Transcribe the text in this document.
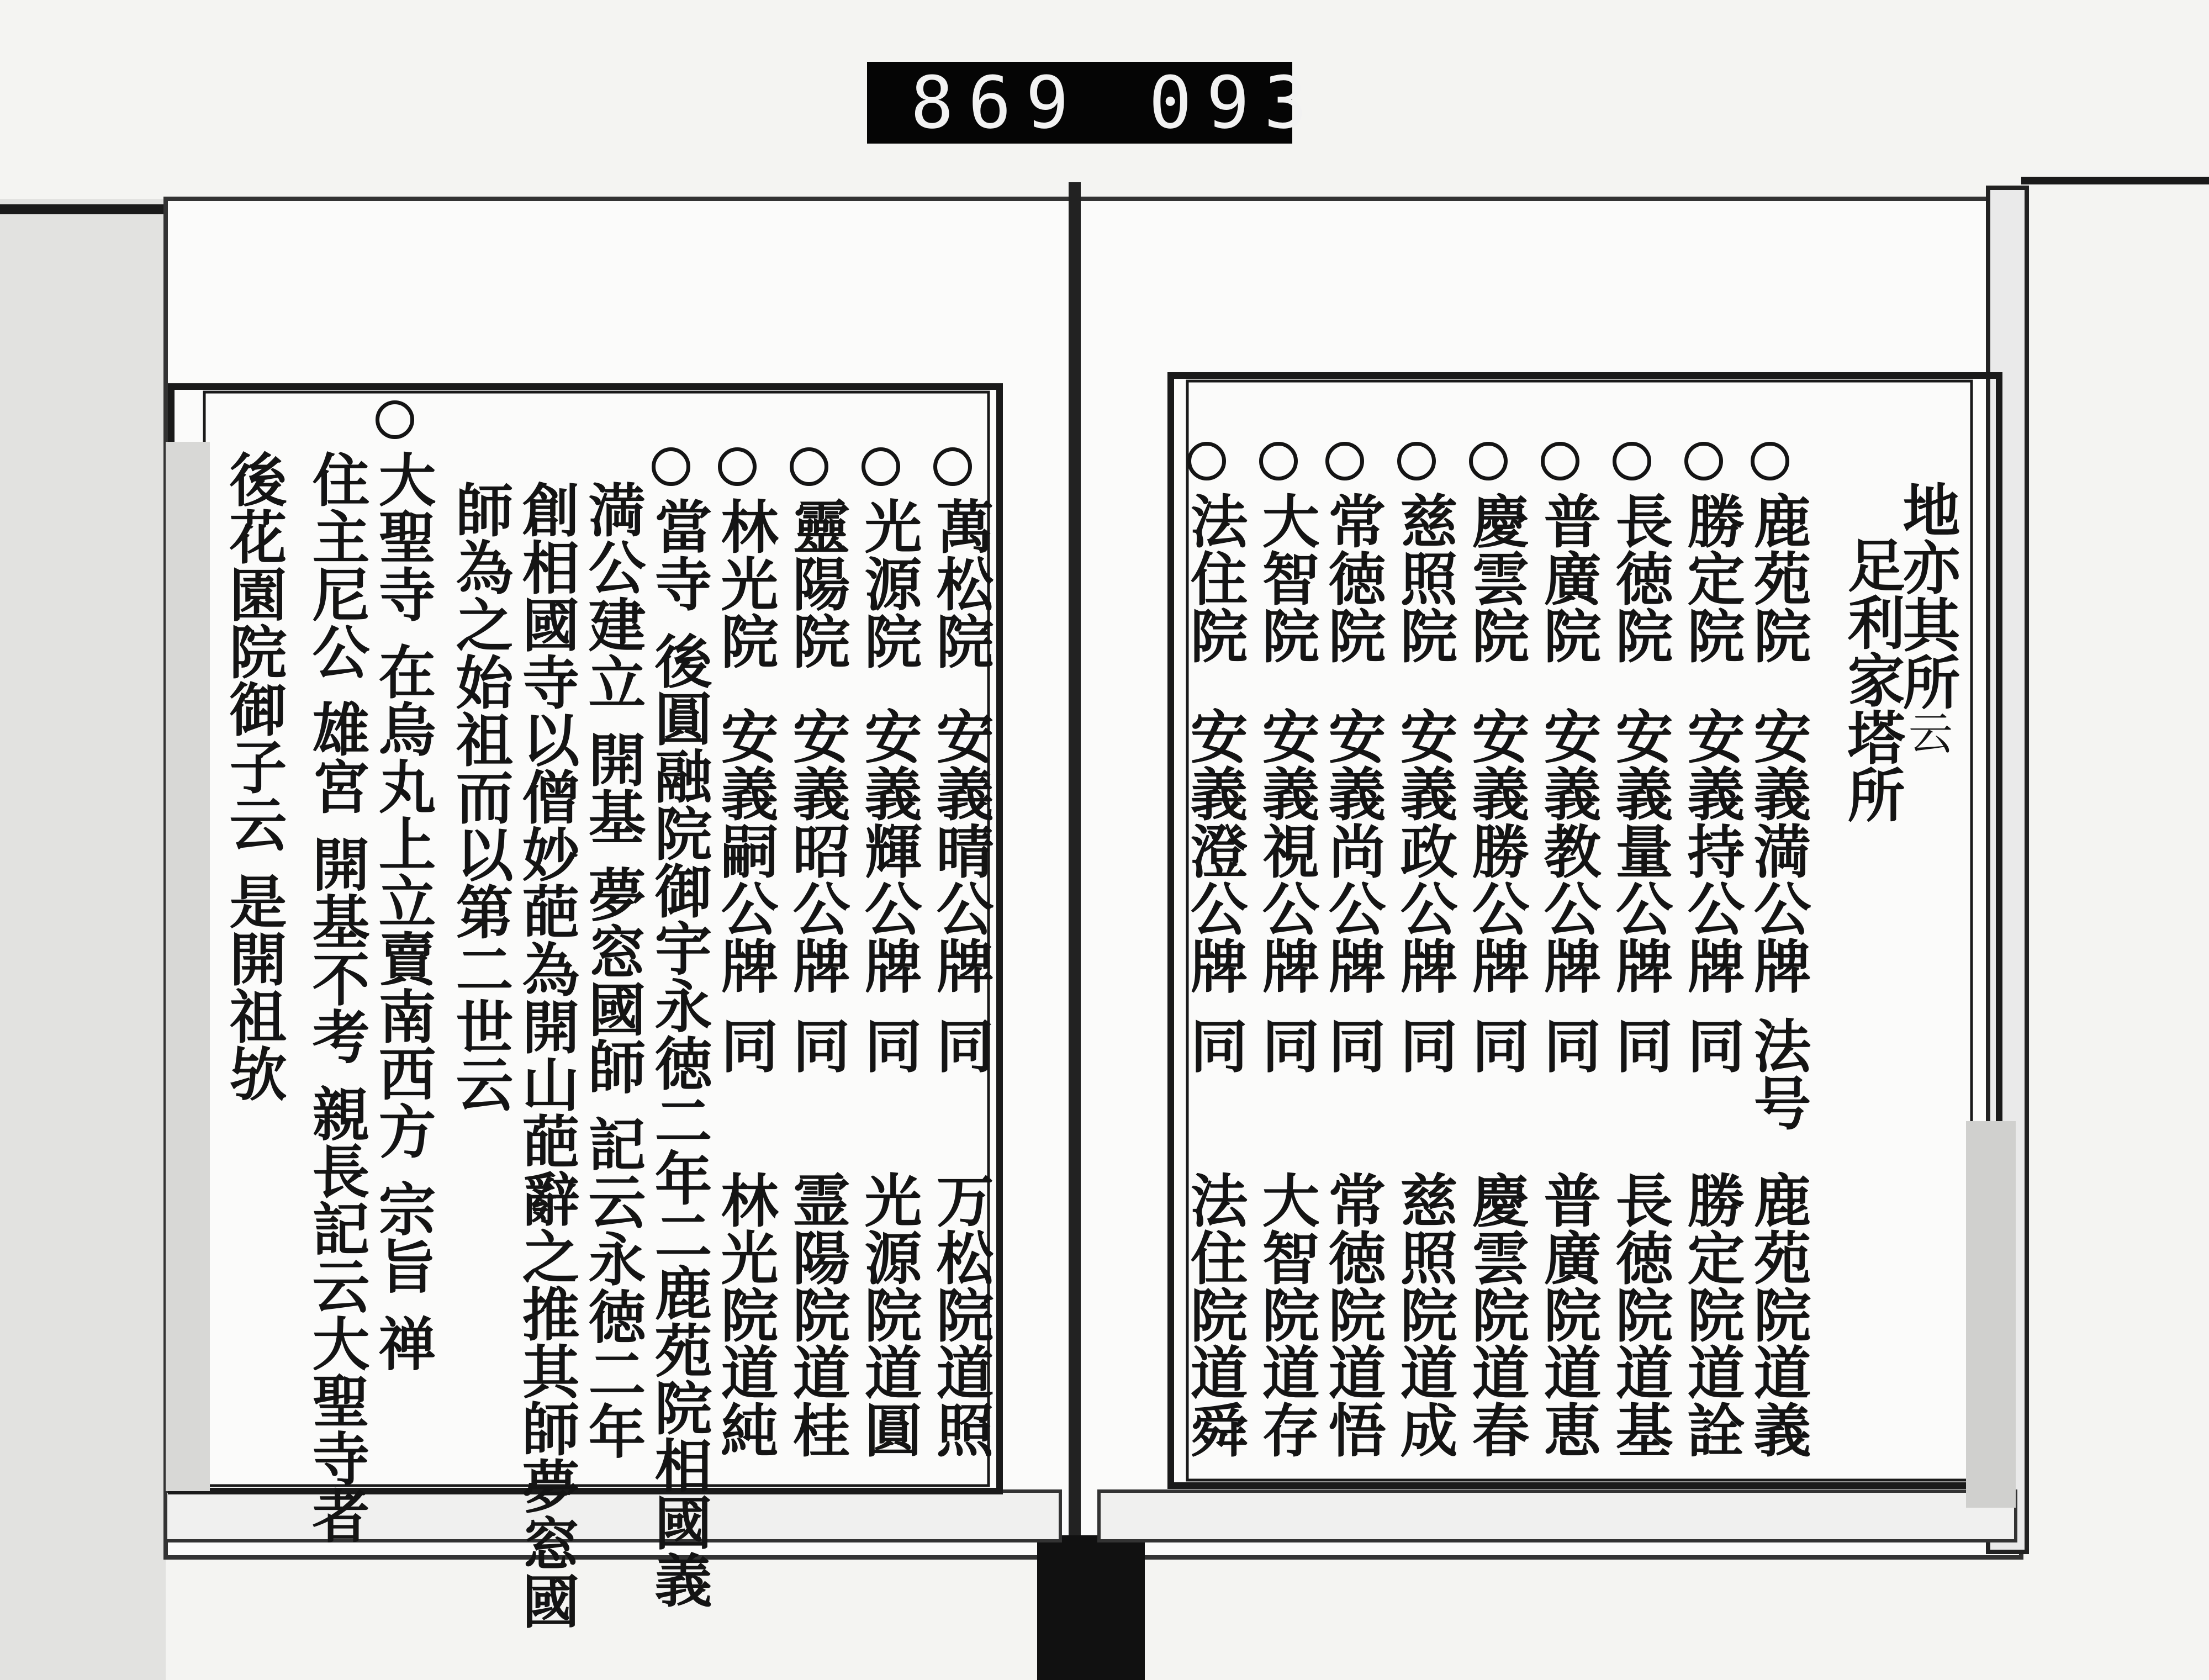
869 093
地亦其所云
足利家塔所
鹿苑院
安義満公牌
法号
鹿苑院道義
勝定院
安義持公牌
同
勝定院道詮
長徳院
安義量公牌
同
長徳院道基
普廣院
安義教公牌
同
普廣院道恵
慶雲院
安義勝公牌
同
慶雲院道春
慈照院
安義政公牌
同
慈照院道成
常徳院
安義尚公牌
同
常徳院道悟
大智院
安義視公牌
同
大智院道存
法住院
安義澄公牌
同
法住院道舜
萬松院
安義晴公牌
同
万松院道照
光源院
安義輝公牌
同
光源院道圓
靈陽院
安義昭公牌
同
霊陽院道桂
林光院
安義嗣公牌
同
林光院道純
當寺 後圓融院御宇永徳二年二鹿苑院相國義
満公建立 開基 夢窓國師 記云永徳二年
創相國寺以僧妙葩為開山葩辭之推其師夢窓國
師為之始祖而以第二世云
大聖寺 在烏丸上立賣南西方 宗旨 禅
住主尼公 雄宮 開基不考 親長記云大聖寺者
後花園院御子云 是開祖欤
